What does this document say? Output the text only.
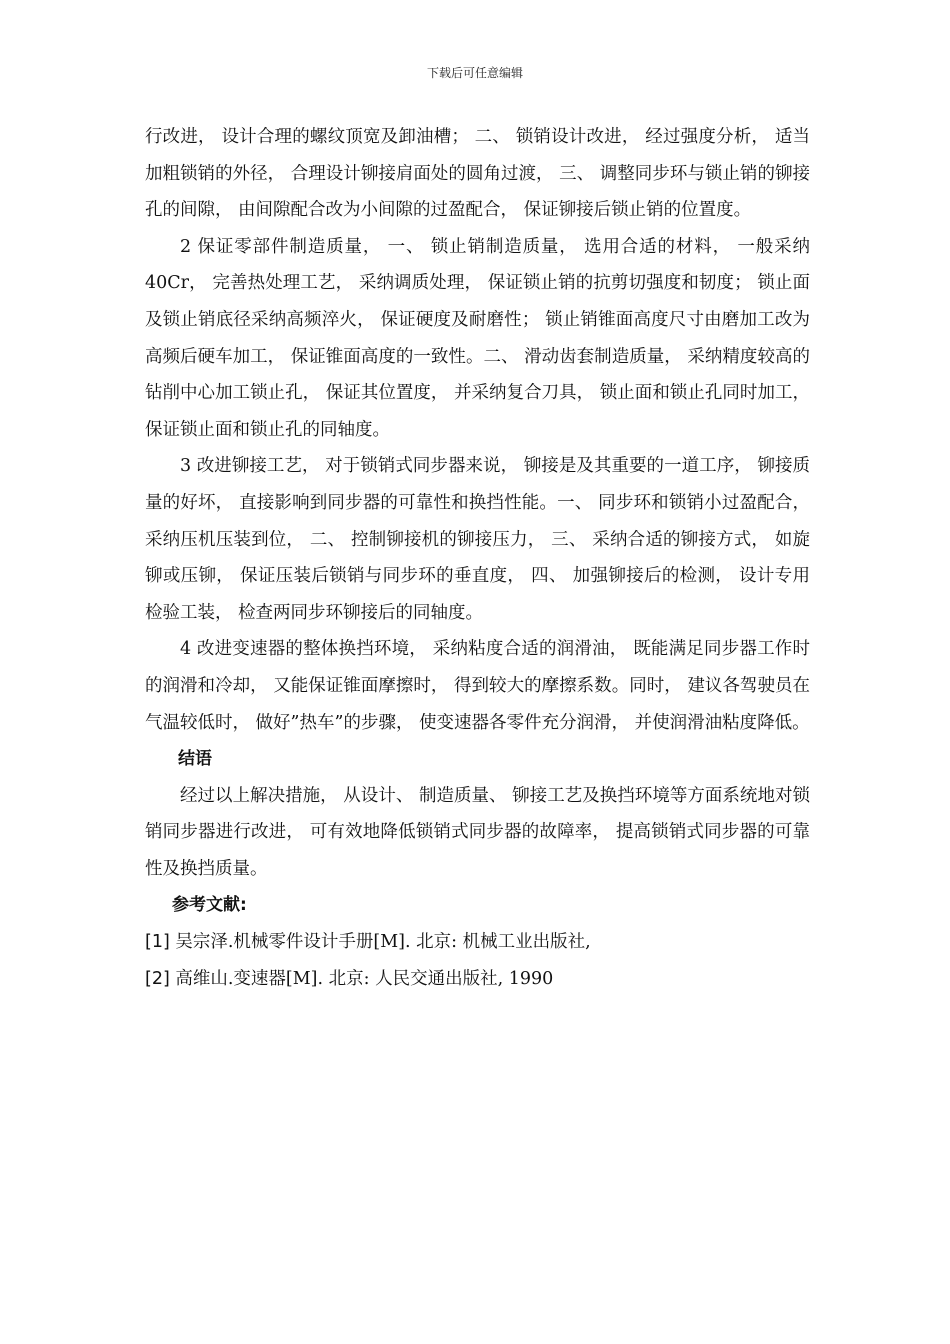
下载后可任意编辑

行改进， 设计合理的螺纹顶宽及卸油槽； 二、 锁销设计改进， 经过强度分析， 适当加粗锁销的外径， 合理设计铆接肩面处的圆角过渡， 三、 调整同步环与锁止销的铆接孔的间隙， 由间隙配合改为小间隙的过盈配合， 保证铆接后锁止销的位置度。

2 保证零部件制造质量， 一、 锁止销制造质量， 选用合适的材料， 一般采纳 40Cr， 完善热处理工艺， 采纳调质处理， 保证锁止销的抗剪切强度和韧度； 锁止面及锁止销底径采纳高频淬火， 保证硬度及耐磨性； 锁止销锥面高度尺寸由磨加工改为高频后硬车加工， 保证锥面高度的一致性。二、 滑动齿套制造质量， 采纳精度较高的钻削中心加工锁止孔， 保证其位置度， 并采纳复合刀具， 锁止面和锁止孔同时加工， 保证锁止面和锁止孔的同轴度。

3 改进铆接工艺， 对于锁销式同步器来说， 铆接是及其重要的一道工序， 铆接质量的好坏， 直接影响到同步器的可靠性和换挡性能。一、 同步环和锁销小过盈配合， 采纳压机压装到位， 二、 控制铆接机的铆接压力， 三、 采纳合适的铆接方式， 如旋铆或压铆， 保证压装后锁销与同步环的垂直度， 四、 加强铆接后的检测， 设计专用检验工装， 检查两同步环铆接后的同轴度。

4 改进变速器的整体换挡环境， 采纳粘度合适的润滑油， 既能满足同步器工作时的润滑和冷却， 又能保证锥面摩擦时， 得到较大的摩擦系数。同时， 建议各驾驶员在气温较低时， 做好”热车”的步骤， 使变速器各零件充分润滑， 并使润滑油粘度降低。

结语

经过以上解决措施， 从设计、 制造质量、 铆接工艺及换挡环境等方面系统地对锁销同步器进行改进， 可有效地降低锁销式同步器的故障率， 提高锁销式同步器的可靠性及换挡质量。

参考文献:

[1] 吴宗泽.机械零件设计手册[M]. 北京: 机械工业出版社,

[2] 高维山.变速器[M]. 北京: 人民交通出版社, 1990
